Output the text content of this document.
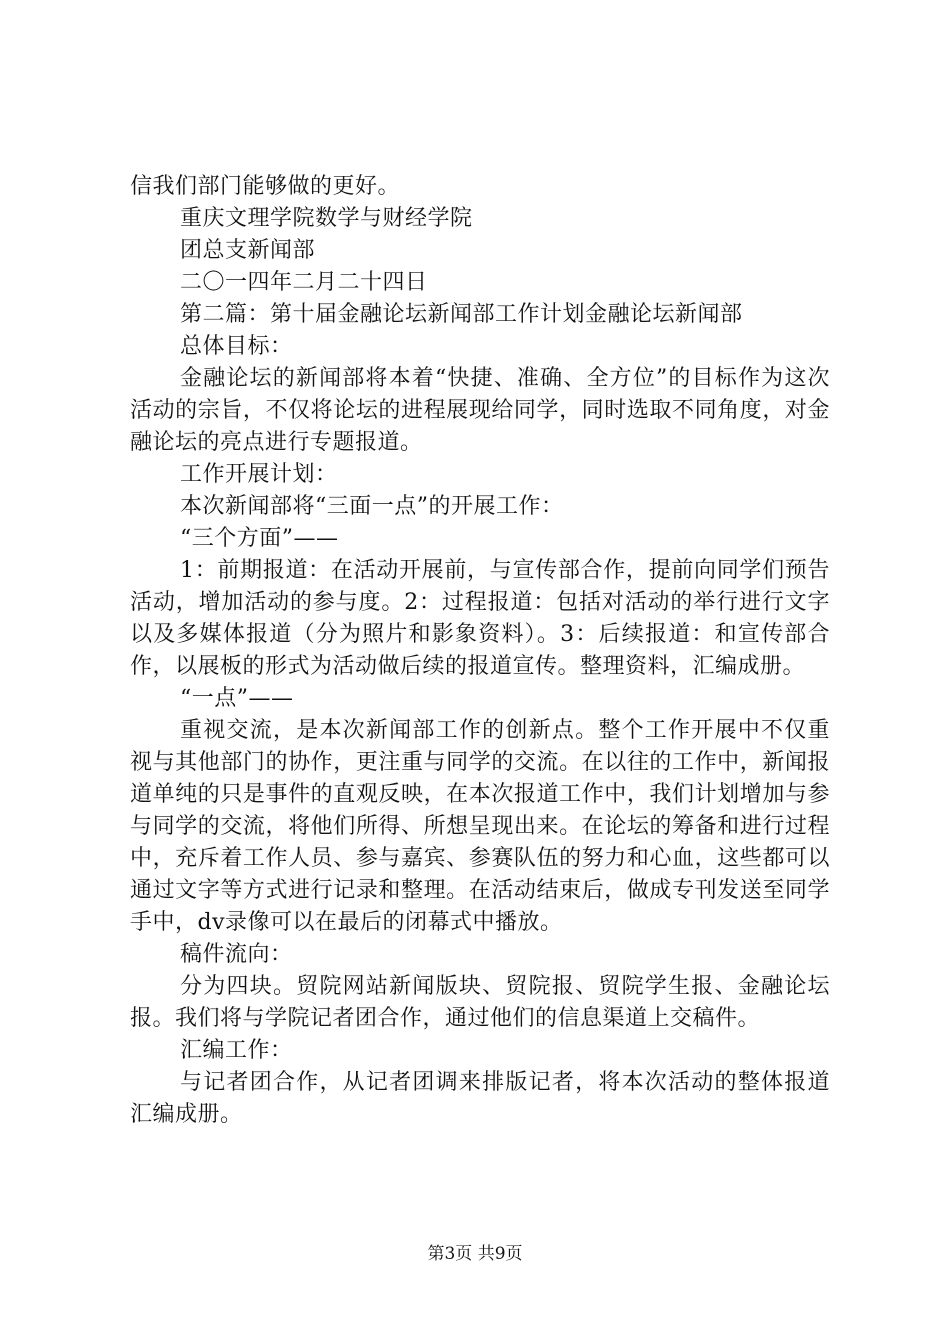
信我们部门能够做的更好。

重庆文理学院数学与财经学院

团总支新闻部

二〇一四年二月二十四日

第二篇：第十届金融论坛新闻部工作计划金融论坛新闻部

总体目标：

金融论坛的新闻部将本着“快捷、准确、全方位”的目标作为这次活动的宗旨，不仅将论坛的进程展现给同学，同时选取不同角度，对金融论坛的亮点进行专题报道。

工作开展计划：

本次新闻部将“三面一点”的开展工作：

“三个方面”——

1：前期报道：在活动开展前，与宣传部合作，提前向同学们预告活动，增加活动的参与度。2：过程报道：包括对活动的举行进行文字以及多媒体报道（分为照片和影象资料）。3：后续报道：和宣传部合作，以展板的形式为活动做后续的报道宣传。整理资料，汇编成册。

“一点”——

重视交流，是本次新闻部工作的创新点。整个工作开展中不仅重视与其他部门的协作，更注重与同学的交流。在以往的工作中，新闻报道单纯的只是事件的直观反映，在本次报道工作中，我们计划增加与参与同学的交流，将他们所得、所想呈现出来。在论坛的筹备和进行过程中，充斥着工作人员、参与嘉宾、参赛队伍的努力和心血，这些都可以通过文字等方式进行记录和整理。在活动结束后，做成专刊发送至同学手中，dv录像可以在最后的闭幕式中播放。

稿件流向：

分为四块。贸院网站新闻版块、贸院报、贸院学生报、金融论坛报。我们将与学院记者团合作，通过他们的信息渠道上交稿件。

汇编工作：

与记者团合作，从记者团调来排版记者，将本次活动的整体报道汇编成册。

第3页 共9页
